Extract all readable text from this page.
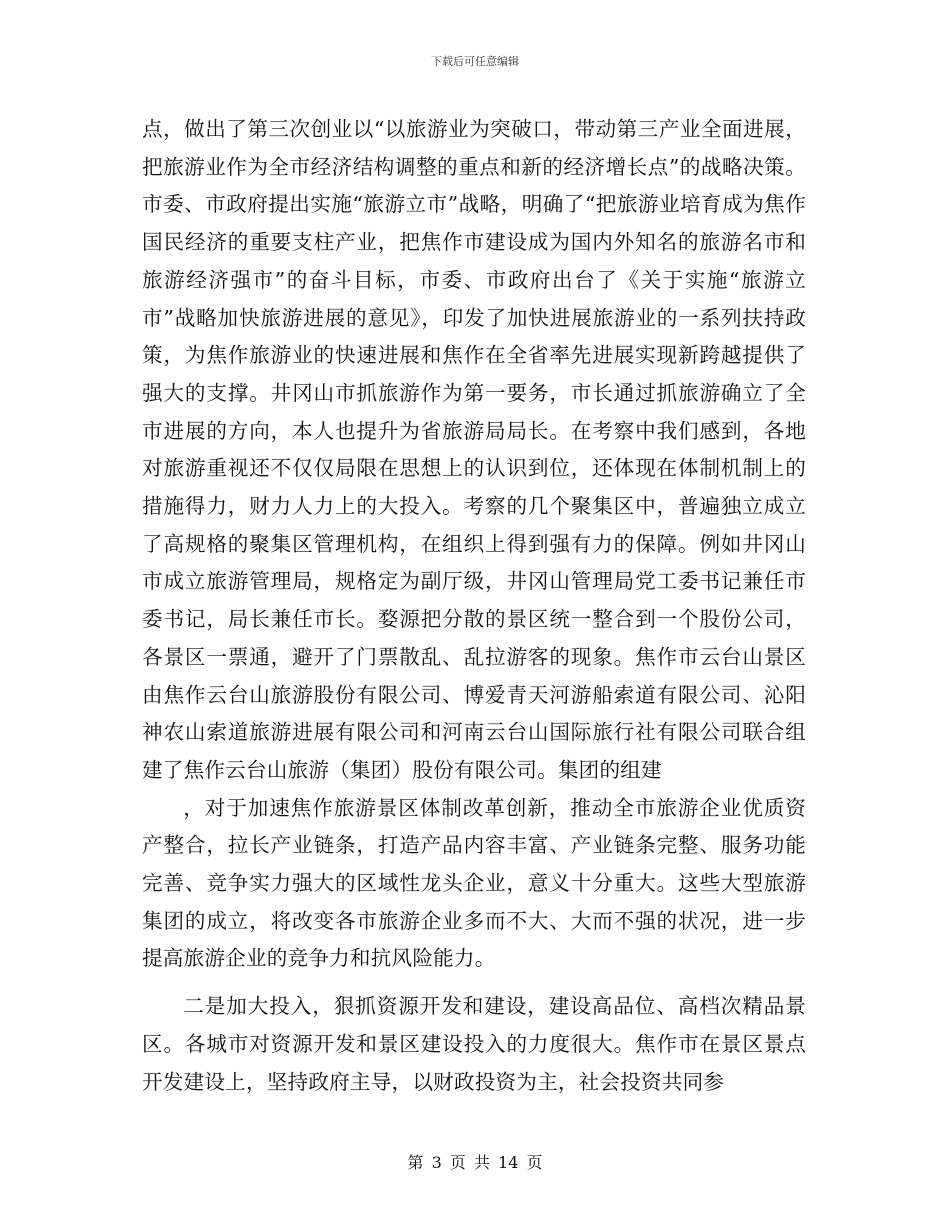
下载后可任意编辑

点，做出了第三次创业以“以旅游业为突破口，带动第三产业全面进展，把旅游业作为全市经济结构调整的重点和新的经济增长点”的战略决策。市委、市政府提出实施“旅游立市”战略，明确了“把旅游业培育成为焦作国民经济的重要支柱产业，把焦作市建设成为国内外知名的旅游名市和旅游经济强市”的奋斗目标，市委、市政府出台了《关于实施“旅游立市”战略加快旅游进展的意见》，印发了加快进展旅游业的一系列扶持政策，为焦作旅游业的快速进展和焦作在全省率先进展实现新跨越提供了强大的支撑。井冈山市抓旅游作为第一要务，市长通过抓旅游确立了全市进展的方向，本人也提升为省旅游局局长。在考察中我们感到，各地对旅游重视还不仅仅局限在思想上的认识到位，还体现在体制机制上的措施得力，财力人力上的大投入。考察的几个聚集区中，普遍独立成立了高规格的聚集区管理机构，在组织上得到强有力的保障。例如井冈山市成立旅游管理局，规格定为副厅级，井冈山管理局党工委书记兼任市委书记，局长兼任市长。婺源把分散的景区统一整合到一个股份公司，各景区一票通，避开了门票散乱、乱拉游客的现象。焦作市云台山景区由焦作云台山旅游股份有限公司、博爱青天河游船索道有限公司、沁阳神农山索道旅游进展有限公司和河南云台山国际旅行社有限公司联合组建了焦作云台山旅游（集团）股份有限公司。集团的组建

，对于加速焦作旅游景区体制改革创新，推动全市旅游企业优质资产整合，拉长产业链条，打造产品内容丰富、产业链条完整、服务功能完善、竞争实力强大的区域性龙头企业，意义十分重大。这些大型旅游集团的成立，将改变各市旅游企业多而不大、大而不强的状况，进一步提高旅游企业的竞争力和抗风险能力。

二是加大投入，狠抓资源开发和建设，建设高品位、高档次精品景区。各城市对资源开发和景区建设投入的力度很大。焦作市在景区景点开发建设上，坚持政府主导，以财政投资为主，社会投资共同参

第 3 页 共 14 页
